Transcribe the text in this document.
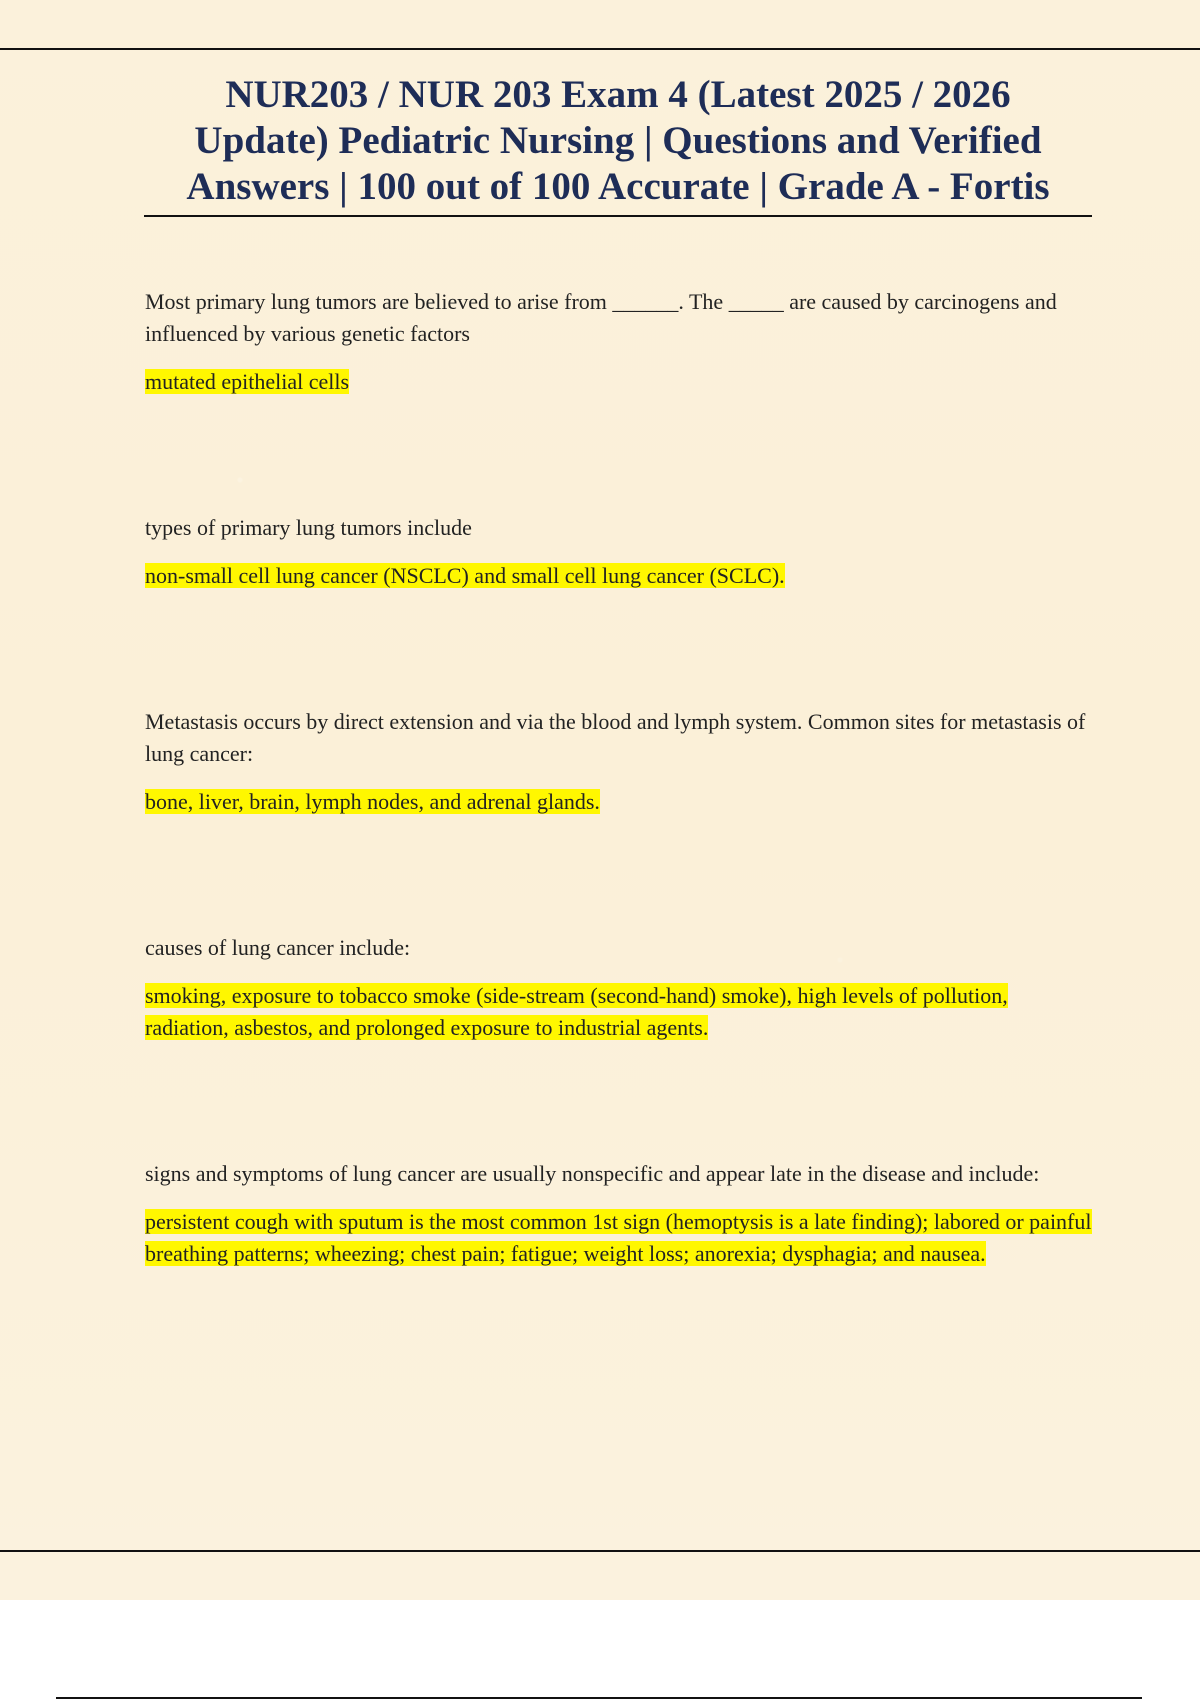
NUR203 / NUR 203 Exam 4 (Latest 2025 / 2026
Update) Pediatric Nursing | Questions and Verified
Answers | 100 out of 100 Accurate | Grade A - Fortis

Most primary lung tumors are believed to arise from ______. The _____ are caused by carcinogens and influenced by various genetic factors

mutated epithelial cells

types of primary lung tumors include

non-small cell lung cancer (NSCLC) and small cell lung cancer (SCLC).

Metastasis occurs by direct extension and via the blood and lymph system. Common sites for metastasis of lung cancer:

bone, liver, brain, lymph nodes, and adrenal glands.

causes of lung cancer include:

smoking, exposure to tobacco smoke (side-stream (second-hand) smoke), high levels of pollution, radiation, asbestos, and prolonged exposure to industrial agents.

signs and symptoms of lung cancer are usually nonspecific and appear late in the disease and include:

persistent cough with sputum is the most common 1st sign (hemoptysis is a late finding); labored or painful breathing patterns; wheezing; chest pain; fatigue; weight loss; anorexia; dysphagia; and nausea.
